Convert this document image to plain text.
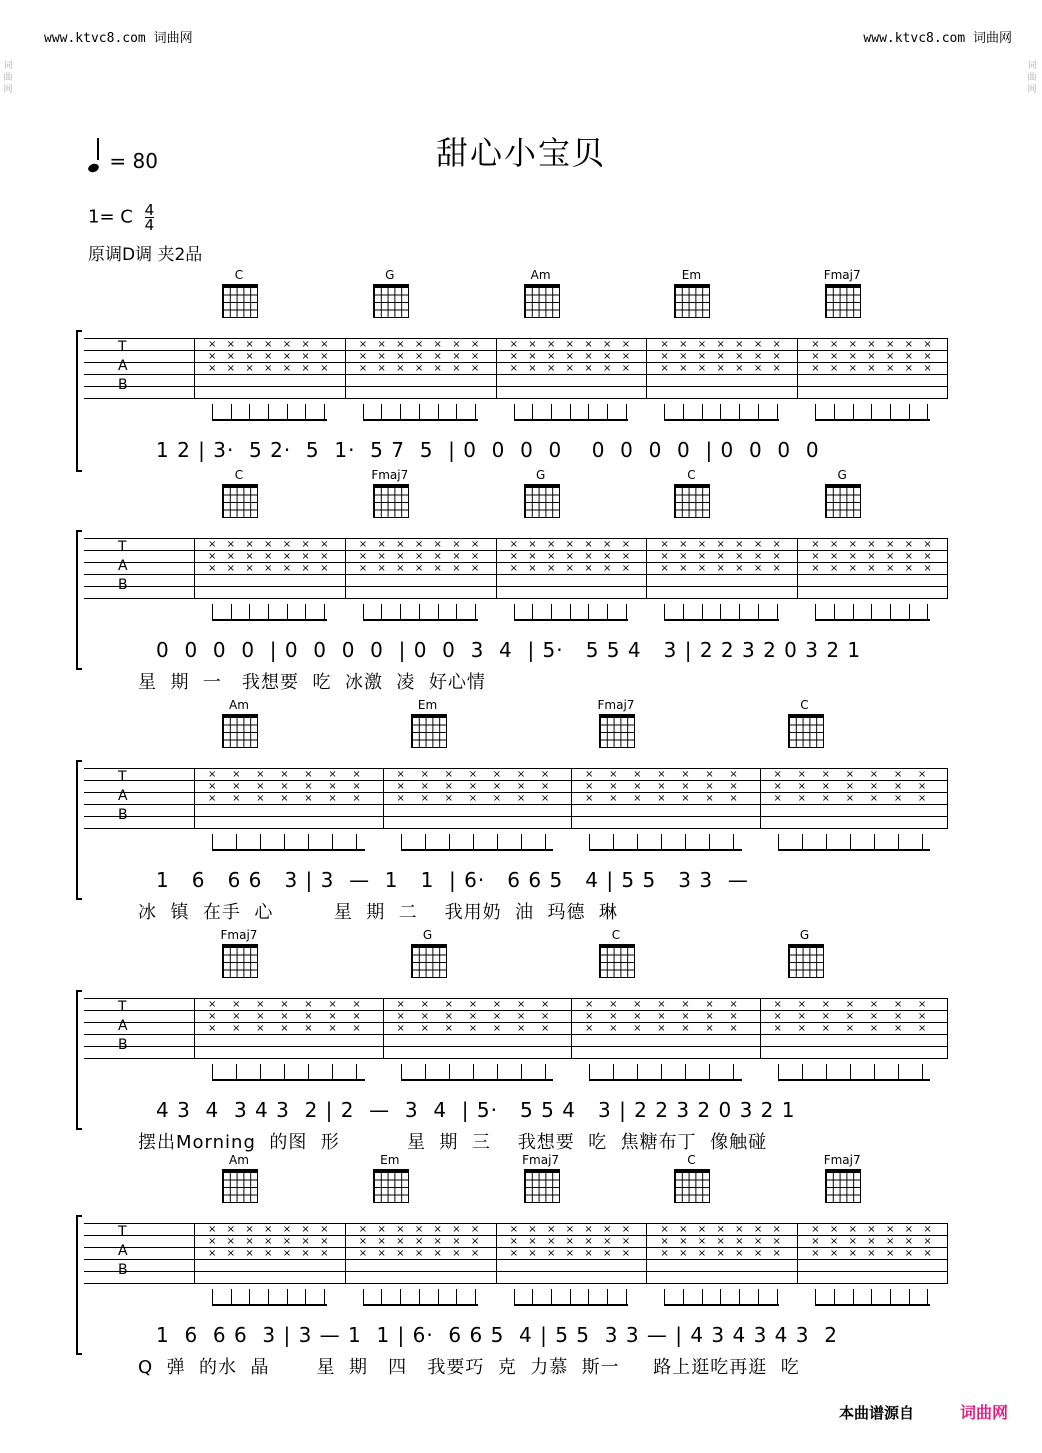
www.ktvc8.com 词曲网	www.ktvc8.com 词曲网
词曲网
词曲网
甜心小宝贝
= 80
1= C $\frac{4}{4}$
原调D调 夹2品
T
A
B
×
×
×
×
×
×
×
×
×
×
×
×
×
×
×
×
×
×
×
×
×
C
×
×
×
×
×
×
×
×
×
×
×
×
×
×
×
×
×
×
×
×
×
G
×
×
×
×
×
×
×
×
×
×
×
×
×
×
×
×
×
×
×
×
×
Am
×
×
×
×
×
×
×
×
×
×
×
×
×
×
×
×
×
×
×
×
×
Em
×
×
×
×
×
×
×
×
×
×
×
×
×
×
×
×
×
×
×
×
×
Fmaj7
1 2 | 3·  5 2·  5  1·  5 7  5  | 0  0  0  0    0  0  0  0  | 0  0  0  0
T
A
B
×
×
×
×
×
×
×
×
×
×
×
×
×
×
×
×
×
×
×
×
×
C
×
×
×
×
×
×
×
×
×
×
×
×
×
×
×
×
×
×
×
×
×
Fmaj7
×
×
×
×
×
×
×
×
×
×
×
×
×
×
×
×
×
×
×
×
×
G
×
×
×
×
×
×
×
×
×
×
×
×
×
×
×
×
×
×
×
×
×
C
×
×
×
×
×
×
×
×
×
×
×
×
×
×
×
×
×
×
×
×
×
G
0  0  0  0  | 0  0  0  0  | 0  0  3  4  | 5·   5 5 4   3 | 2 2 3 2 0 3 2 1
星  期  一   我想要  吃  冰激  凌  好心情
T
A
B
×
×
×
×
×
×
×
×
×
×
×
×
×
×
×
×
×
×
×
×
×
Am
×
×
×
×
×
×
×
×
×
×
×
×
×
×
×
×
×
×
×
×
×
Em
×
×
×
×
×
×
×
×
×
×
×
×
×
×
×
×
×
×
×
×
×
Fmaj7
×
×
×
×
×
×
×
×
×
×
×
×
×
×
×
×
×
×
×
×
×
C
1   6   6 6   3 | 3  —  1   1  | 6·   6 6 5   4 | 5 5   3 3  —
冰  镇  在手  心         星  期  二    我用奶  油  玛德  琳
T
A
B
×
×
×
×
×
×
×
×
×
×
×
×
×
×
×
×
×
×
×
×
×
Fmaj7
×
×
×
×
×
×
×
×
×
×
×
×
×
×
×
×
×
×
×
×
×
G
×
×
×
×
×
×
×
×
×
×
×
×
×
×
×
×
×
×
×
×
×
C
×
×
×
×
×
×
×
×
×
×
×
×
×
×
×
×
×
×
×
×
×
G
4 3  4  3 4 3  2 | 2  —  3  4  | 5·   5 5 4   3 | 2 2 3 2 0 3 2 1
摆出Morning  的图  形          星  期  三    我想要  吃  焦糖布丁  像触碰
T
A
B
×
×
×
×
×
×
×
×
×
×
×
×
×
×
×
×
×
×
×
×
×
Am
×
×
×
×
×
×
×
×
×
×
×
×
×
×
×
×
×
×
×
×
×
Em
×
×
×
×
×
×
×
×
×
×
×
×
×
×
×
×
×
×
×
×
×
Fmaj7
×
×
×
×
×
×
×
×
×
×
×
×
×
×
×
×
×
×
×
×
×
C
×
×
×
×
×
×
×
×
×
×
×
×
×
×
×
×
×
×
×
×
×
Fmaj7
1  6  6 6  3 | 3 — 1  1 | 6·  6 6 5  4 | 5 5  3 3 — | 4 3 4 3 4 3  2
Q  弹  的水  晶       星  期   四   我要巧  克  力慕  斯一     路上逛吃再逛  吃
本曲谱源自	词曲网
